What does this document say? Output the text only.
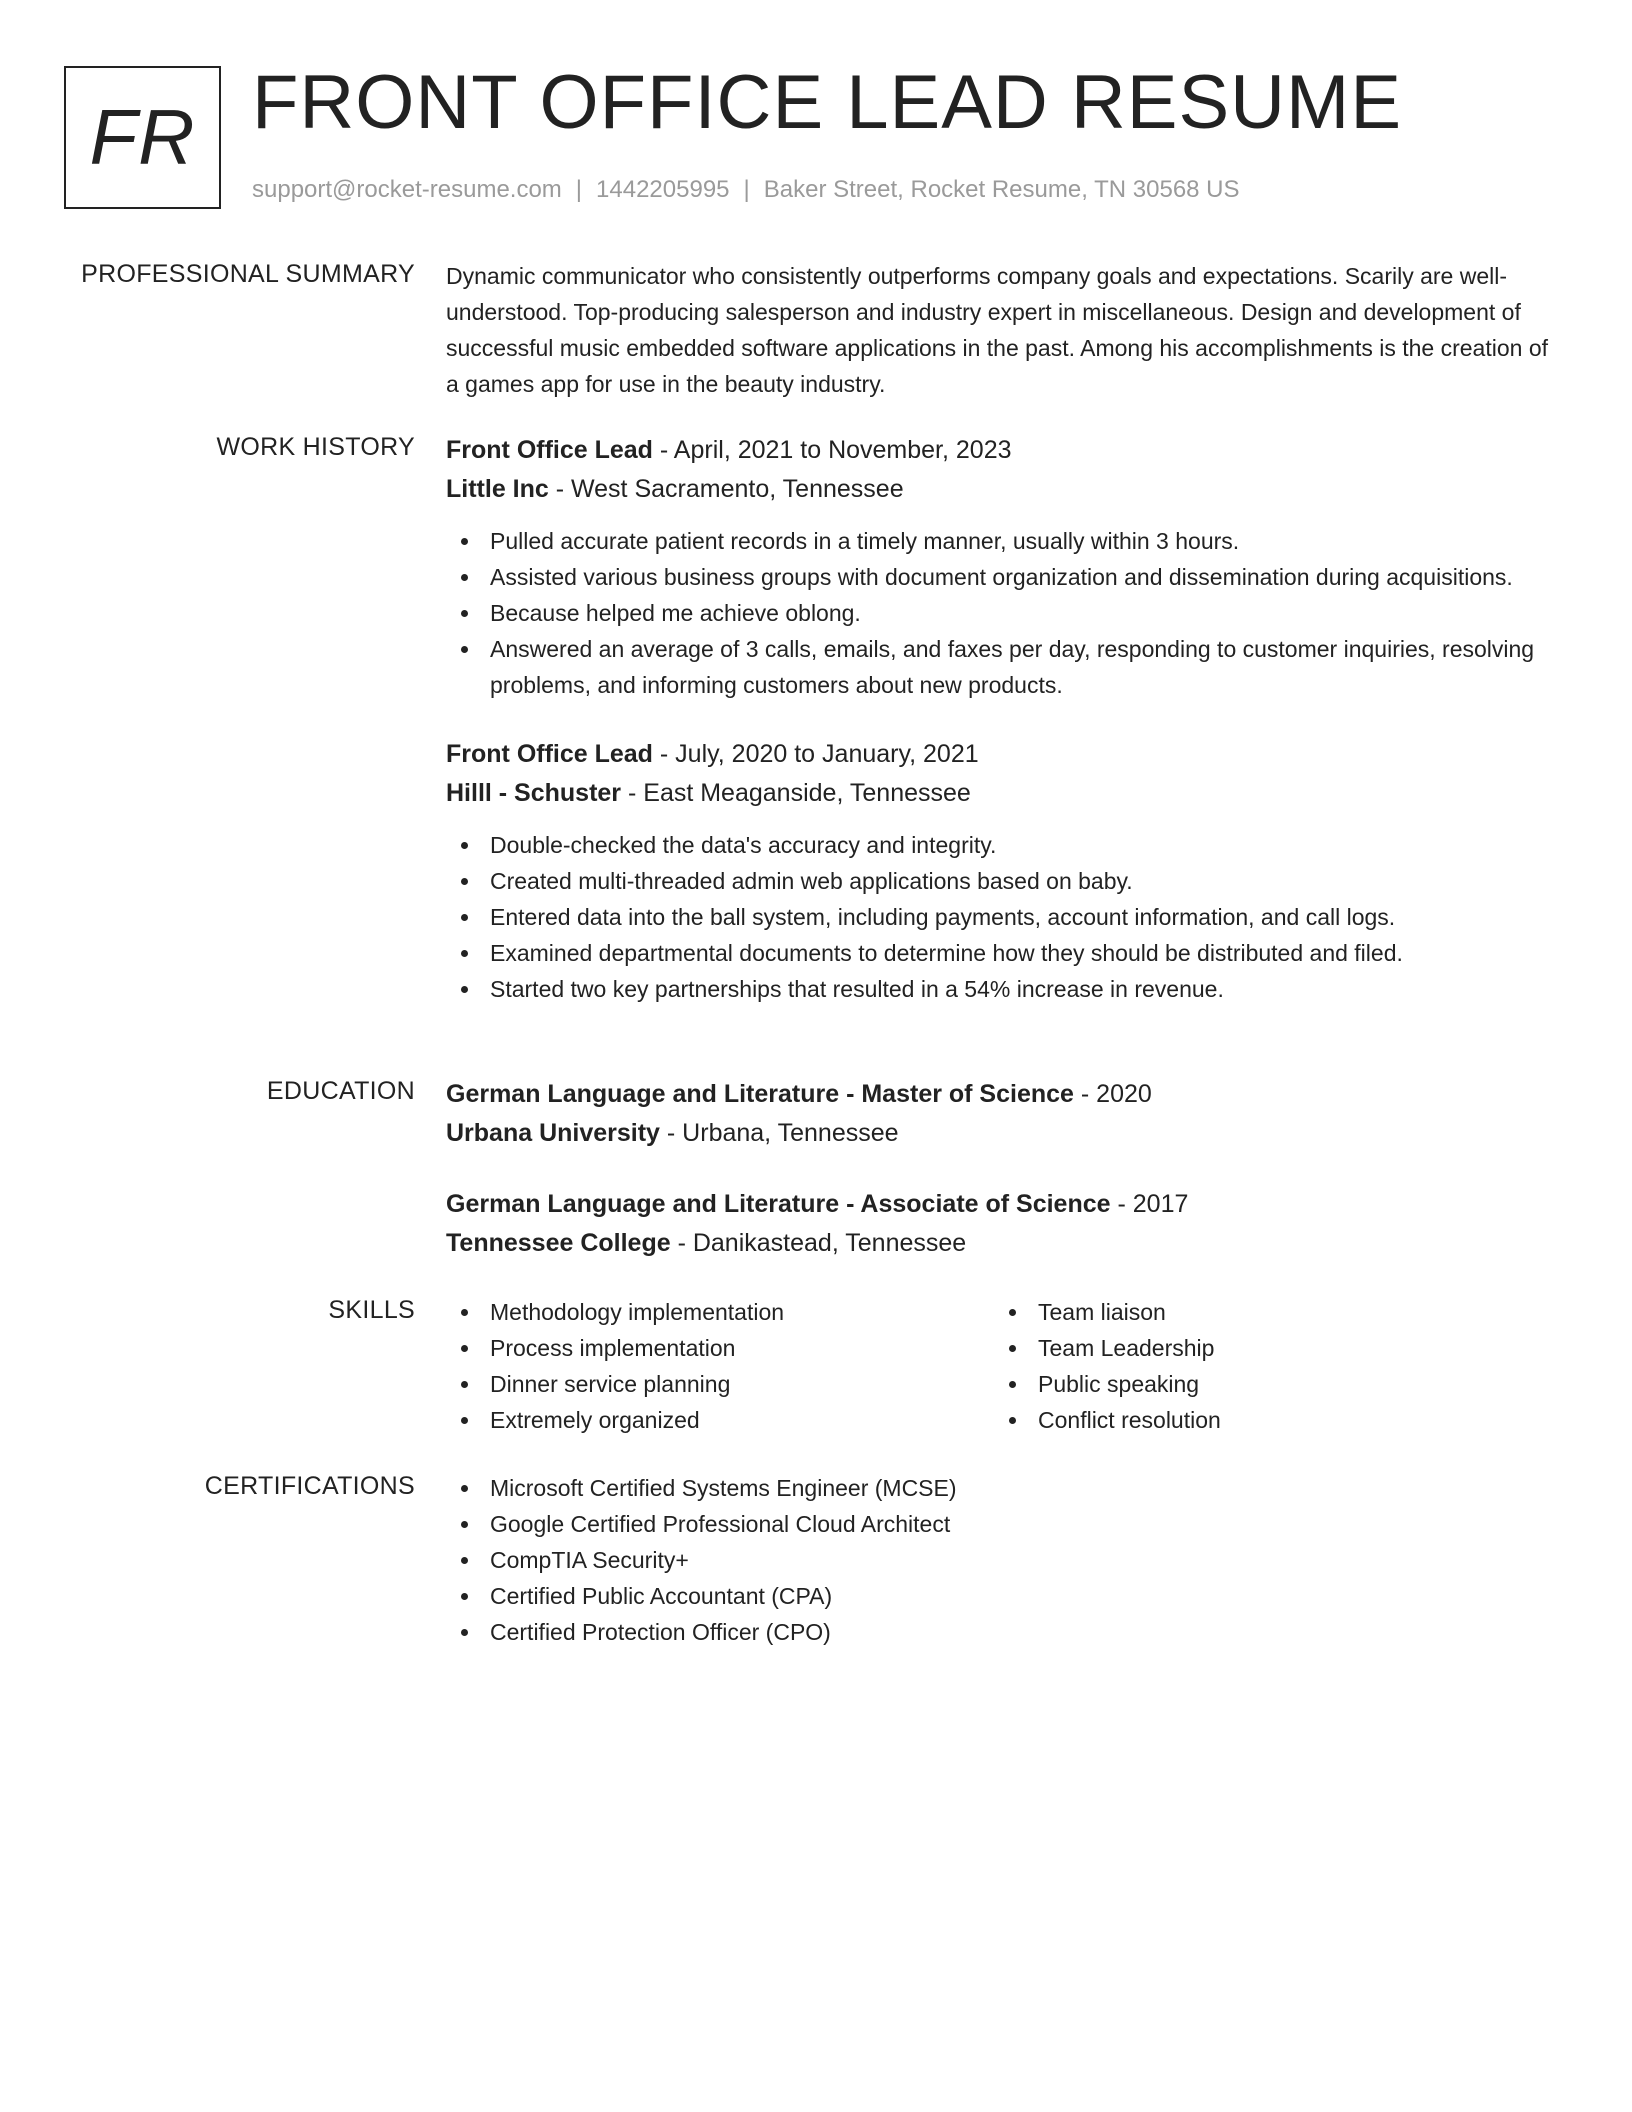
FR FRONT OFFICE LEAD RESUME
support@rocket-resume.com | 1442205995 | Baker Street, Rocket Resume, TN 30568 US
PROFESSIONAL SUMMARY Dynamic communicator who consistently outperforms company goals and expectations. Scarily are well-understood. Top-producing salesperson and industry expert in miscellaneous. Design and development of successful music embedded software applications in the past. Among his accomplishments is the creation of a games app for use in the beauty industry.

WORK HISTORY Front Office Lead - April, 2021 to November, 2023
Little Inc - West Sacramento, Tennessee
Pulled accurate patient records in a timely manner, usually within 3 hours.
Assisted various business groups with document organization and dissemination during acquisitions.
Because helped me achieve oblong.
Answered an average of 3 calls, emails, and faxes per day, responding to customer inquiries, resolving problems, and informing customers about new products.
Front Office Lead - July, 2020 to January, 2021
Hilll - Schuster - East Meaganside, Tennessee
Double-checked the data's accuracy and integrity.
Created multi-threaded admin web applications based on baby.
Entered data into the ball system, including payments, account information, and call logs.
Examined departmental documents to determine how they should be distributed and filed.
Started two key partnerships that resulted in a 54% increase in revenue.
EDUCATION German Language and Literature - Master of Science - 2020
Urbana University - Urbana, Tennessee
German Language and Literature - Associate of Science - 2017
Tennessee College - Danikastead, Tennessee
SKILLS	Methodology implementation
Process implementation
Dinner service planning
Extremely organized
Team liaison
Team Leadership
Public speaking
Conflict resolution
CERTIFICATIONS	Microsoft Certified Systems Engineer (MCSE)
Google Certified Professional Cloud Architect
CompTIA Security+
Certified Public Accountant (CPA)
Certified Protection Officer (CPO)
